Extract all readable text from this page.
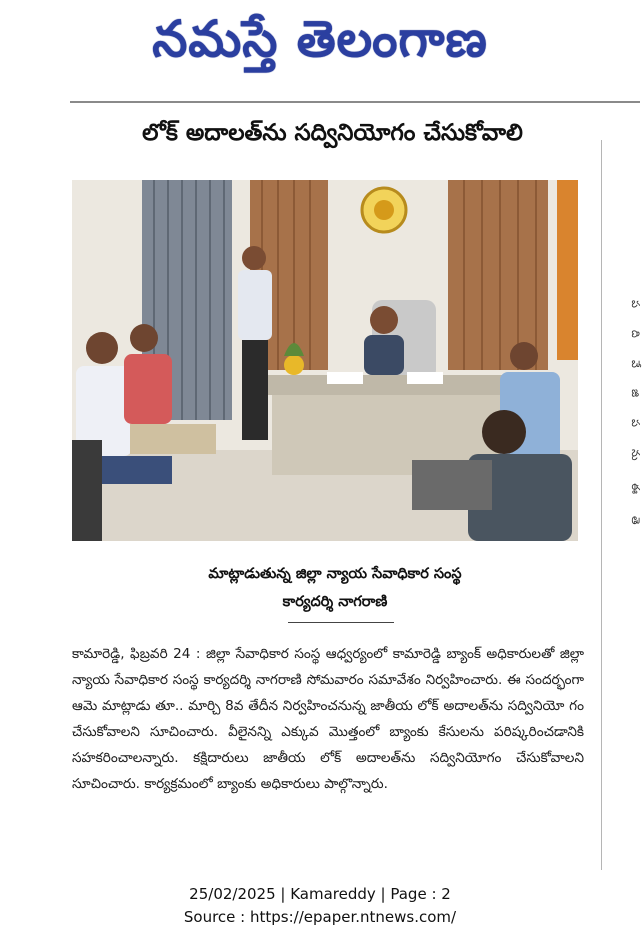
నమస్తే తెలంగాణ
లోక్ అదాలత్‌ను సద్వినియోగం చేసుకోవాలి
మాట్లాడుతున్న జిల్లా న్యాయ సేవాధికార సంస్థ
కార్యదర్శి నాగరాణి
కామారెడ్డి, ఫిబ్రవరి 24 : జిల్లా సేవాధికార సంస్థ ఆధ్వర్యంలో కామారెడ్డి బ్యాంక్ అధికారులతో జిల్లా న్యాయ సేవాధికార సంస్థ కార్యదర్శి నాగరాణి సోమవారం సమావేశం నిర్వహించారు. ఈ సందర్భంగా ఆమె మాట్లాడు తూ.. మార్చి 8వ తేదీన నిర్వహించనున్న జాతీయ లోక్ అదాలత్‌ను సద్వినియో గం చేసుకోవాలని సూచించారు. వీలైనన్ని ఎక్కువ మొత్తంలో బ్యాంకు కేసులను పరిష్కరించడానికి సహకరించాలన్నారు. కక్షిదారులు జాతీయ లోక్ అదాలత్‌ను సద్వినియోగం చేసుకోవాలని సూచించారు. కార్యక్రమంలో బ్యాంకు అధికారులు పాల్గొన్నారు.
ప
ది
వే
జి
ప
ను
ఈ
తె
25/02/2025 | Kamareddy | Page : 2
Source : https://epaper.ntnews.com/
